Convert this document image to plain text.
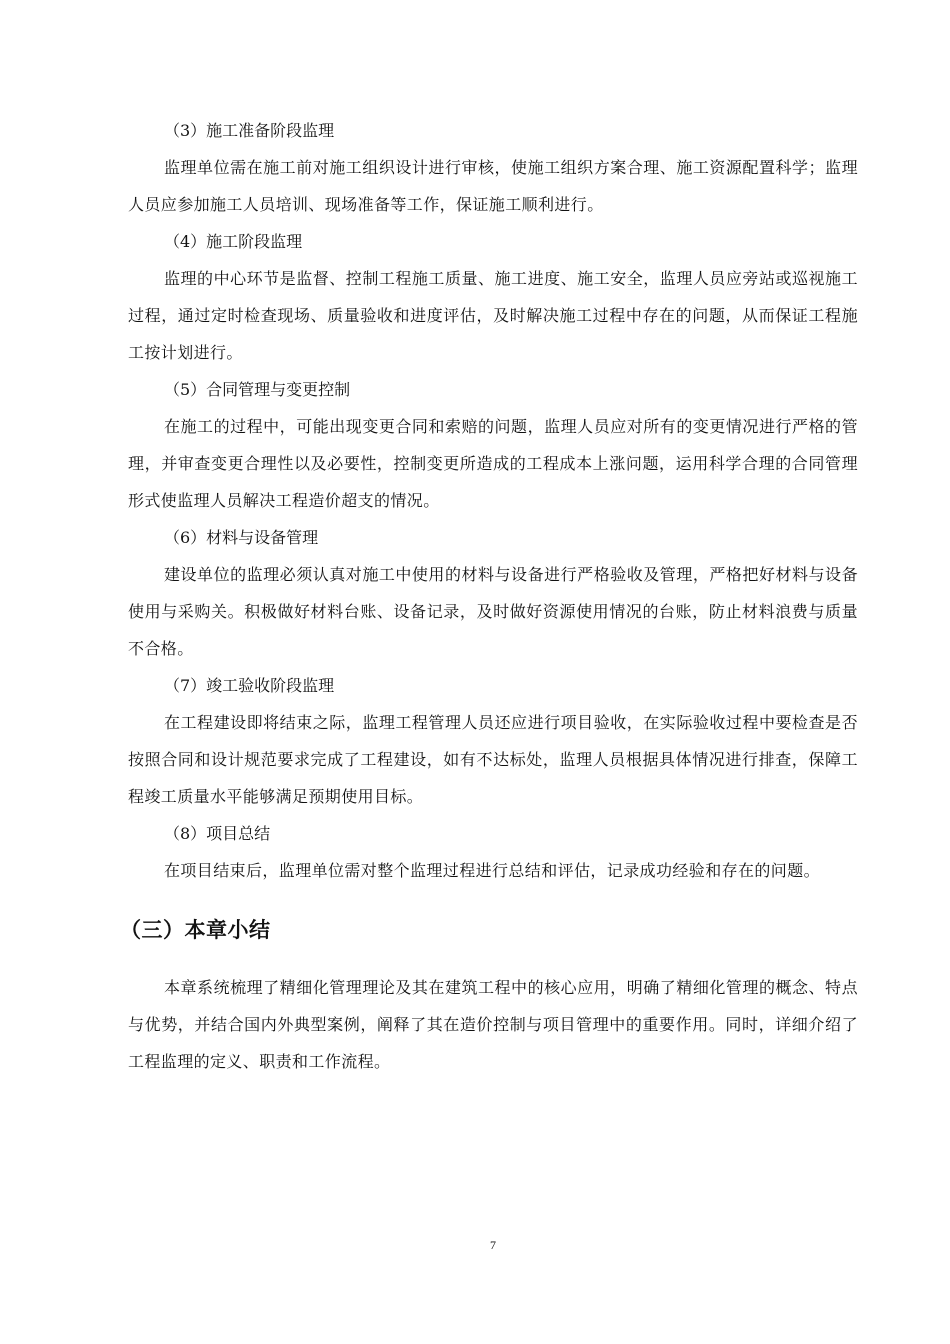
（3）施工准备阶段监理

监理单位需在施工前对施工组织设计进行审核，使施工组织方案合理、施工资源配置科学；监理人员应参加施工人员培训、现场准备等工作，保证施工顺利进行。

（4）施工阶段监理

监理的中心环节是监督、控制工程施工质量、施工进度、施工安全，监理人员应旁站或巡视施工过程，通过定时检查现场、质量验收和进度评估，及时解决施工过程中存在的问题，从而保证工程施工按计划进行。

（5）合同管理与变更控制

在施工的过程中，可能出现变更合同和索赔的问题，监理人员应对所有的变更情况进行严格的管理，并审查变更合理性以及必要性，控制变更所造成的工程成本上涨问题，运用科学合理的合同管理形式使监理人员解决工程造价超支的情况。

（6）材料与设备管理

建设单位的监理必须认真对施工中使用的材料与设备进行严格验收及管理，严格把好材料与设备使用与采购关。积极做好材料台账、设备记录，及时做好资源使用情况的台账，防止材料浪费与质量不合格。

（7）竣工验收阶段监理

在工程建设即将结束之际，监理工程管理人员还应进行项目验收，在实际验收过程中要检查是否按照合同和设计规范要求完成了工程建设，如有不达标处，监理人员根据具体情况进行排查，保障工程竣工质量水平能够满足预期使用目标。

（8）项目总结

在项目结束后，监理单位需对整个监理过程进行总结和评估，记录成功经验和存在的问题。

（三）本章小结

本章系统梳理了精细化管理理论及其在建筑工程中的核心应用，明确了精细化管理的概念、特点与优势，并结合国内外典型案例，阐释了其在造价控制与项目管理中的重要作用。同时，详细介绍了工程监理的定义、职责和工作流程。

7
